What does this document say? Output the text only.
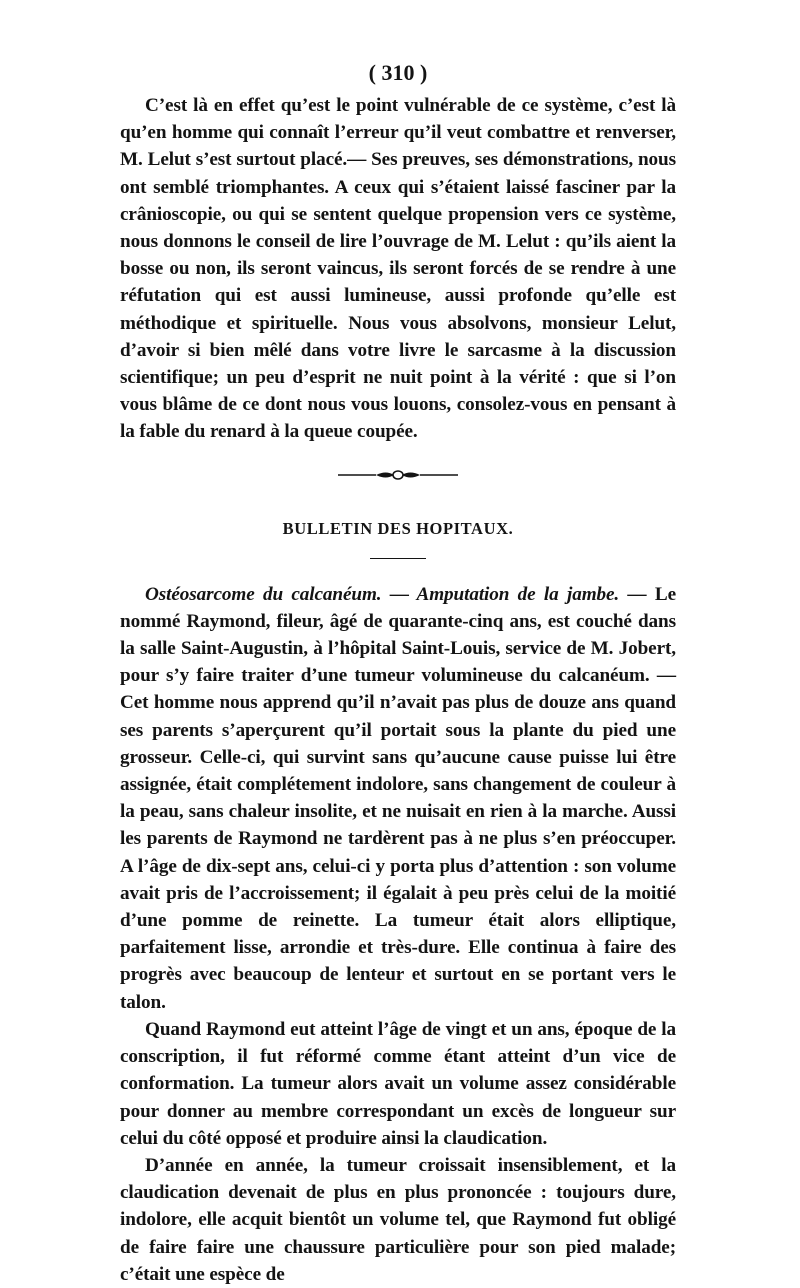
( 310 )

C’est là en effet qu’est le point vulnérable de ce système, c’est là qu’en homme qui connaît l’erreur qu’il veut combattre et renverser, M. Lelut s’est surtout placé.— Ses preuves, ses démonstrations, nous ont semblé triomphantes. A ceux qui s’étaient laissé fasciner par la crânioscopie, ou qui se sentent quelque propension vers ce système, nous donnons le conseil de lire l’ouvrage de M. Lelut : qu’ils aient la bosse ou non, ils seront vaincus, ils seront forcés de se rendre à une réfutation qui est aussi lumineuse, aussi profonde qu’elle est méthodique et spirituelle. Nous vous absolvons, monsieur Lelut, d’avoir si bien mêlé dans votre livre le sarcasme à la discussion scientifique; un peu d’esprit ne nuit point à la vérité : que si l’on vous blâme de ce dont nous vous louons, consolez-vous en pensant à la fable du renard à la queue coupée.

BULLETIN DES HOPITAUX.

Ostéosarcome du calcanéum. — Amputation de la jambe. — Le nommé Raymond, fileur, âgé de quarante-cinq ans, est couché dans la salle Saint-Augustin, à l’hôpital Saint-Louis, service de M. Jobert, pour s’y faire traiter d’une tumeur volumineuse du calcanéum. — Cet homme nous apprend qu’il n’avait pas plus de douze ans quand ses parents s’aperçurent qu’il portait sous la plante du pied une grosseur. Celle-ci, qui survint sans qu’aucune cause puisse lui être assignée, était complétement indolore, sans changement de couleur à la peau, sans chaleur insolite, et ne nuisait en rien à la marche. Aussi les parents de Raymond ne tardèrent pas à ne plus s’en préoccuper. A l’âge de dix-sept ans, celui-ci y porta plus d’attention : son volume avait pris de l’accroissement; il égalait à peu près celui de la moitié d’une pomme de reinette. La tumeur était alors elliptique, parfaitement lisse, arrondie et très-dure. Elle continua à faire des progrès avec beaucoup de lenteur et surtout en se portant vers le talon.

Quand Raymond eut atteint l’âge de vingt et un ans, époque de la conscription, il fut réformé comme étant atteint d’un vice de conformation. La tumeur alors avait un volume assez considérable pour donner au membre correspondant un excès de longueur sur celui du côté opposé et produire ainsi la claudication.

D’année en année, la tumeur croissait insensiblement, et la claudication devenait de plus en plus prononcée : toujours dure, indolore, elle acquit bientôt un volume tel, que Raymond fut obligé de faire faire une chaussure particulière pour son pied malade; c’était une espèce de
